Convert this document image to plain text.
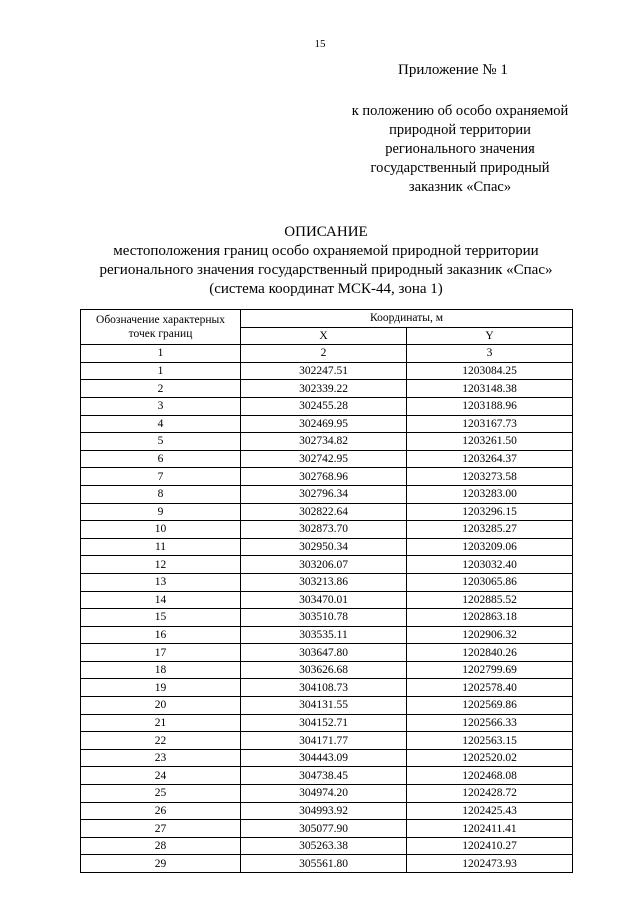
15
Приложение № 1
к положению об особо охраняемой
природной территории
регионального значения
государственный природный
заказник «Спас»
ОПИСАНИЕ
местоположения границ особо охраняемой природной территории
регионального значения государственный природный заказник «Спас»
(система координат МСК-44, зона 1)
Обозначение характерных
точек границ	Координаты, м	
	X	Y
1	2	3
1	302247.51	1203084.25
2	302339.22	1203148.38
3	302455.28	1203188.96
4	302469.95	1203167.73
5	302734.82	1203261.50
6	302742.95	1203264.37
7	302768.96	1203273.58
8	302796.34	1203283.00
9	302822.64	1203296.15
10	302873.70	1203285.27
11	302950.34	1203209.06
12	303206.07	1203032.40
13	303213.86	1203065.86
14	303470.01	1202885.52
15	303510.78	1202863.18
16	303535.11	1202906.32
17	303647.80	1202840.26
18	303626.68	1202799.69
19	304108.73	1202578.40
20	304131.55	1202569.86
21	304152.71	1202566.33
22	304171.77	1202563.15
23	304443.09	1202520.02
24	304738.45	1202468.08
25	304974.20	1202428.72
26	304993.92	1202425.43
27	305077.90	1202411.41
28	305263.38	1202410.27
29	305561.80	1202473.93
